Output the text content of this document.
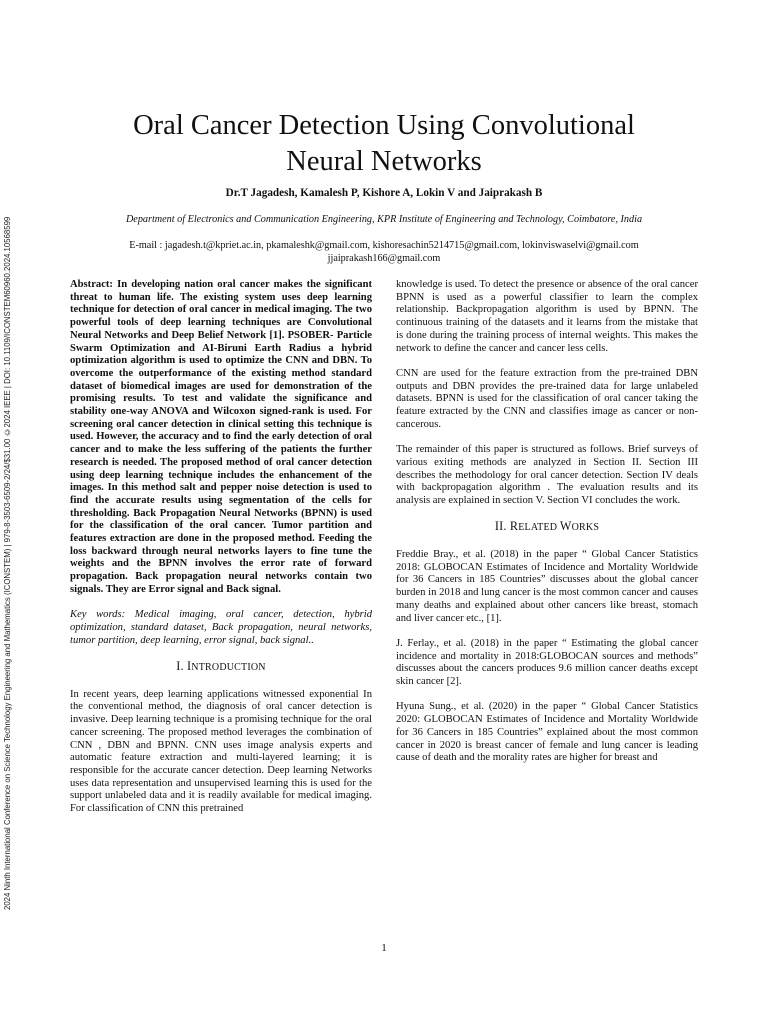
2024 Ninth International Conference on Science Technology Engineering and Mathematics (ICONSTEM) | 979-8-3503-6509-2/24/$31.00 ©2024 IEEE | DOI: 10.1109/ICONSTEM60960.2024.10568599
Oral Cancer Detection Using Convolutional
Neural Networks
Dr.T Jagadesh, Kamalesh P, Kishore A, Lokin V and Jaiprakash B
Department of Electronics and Communication Engineering, KPR Institute of Engineering and Technology, Coimbatore, India
E-mail : jagadesh.t@kpriet.ac.in, pkamaleshk@gmail.com, kishoresachin5214715@gmail.com, lokinviswaselvi@gmail.com
jjaiprakash166@gmail.com

Abstract: In developing nation oral cancer makes the significant threat to human life. The existing system uses deep learning technique for detection of oral cancer in medical imaging. The two powerful tools of deep learning techniques are Convolutional Neural Networks and Deep Belief Network [1]. PSOBER- Particle Swarm Optimization and AI-Biruni Earth Radius a hybrid optimization algorithm is used to optimize the CNN and DBN. To overcome the outperformance of the existing method standard dataset of biomedical images are used for demonstration of the promising results. To test and validate the significance and stability one-way ANOVA and Wilcoxon signed-rank is used. For screening oral cancer detection in clinical setting this technique is used. However, the accuracy and to find the early detection of oral cancer and to make the less suffering of the patients the further research is needed. The proposed method of oral cancer detection using deep learning technique includes the enhancement of the images. In this method salt and pepper noise detection is used to find the accurate results using segmentation of the cells for thresholding. Back Propagation Neural Networks (BPNN) is used for the classification of the oral cancer. Tumor partition and features extraction are done in the proposed method. Feeding the loss backward through neural networks layers to fine tune the weights and the BPNN involves the error rate of forward propagation. Back propagation neural networks contain two signals. They are Error signal and Back signal.

Key words: Medical imaging, oral cancer, detection, hybrid optimization, standard dataset, Back propagation, neural networks, tumor partition, deep learning, error signal, back signal..

I. INTRODUCTION

In recent years, deep learning applications witnessed exponential In the conventional method, the diagnosis of oral cancer detection is invasive. Deep learning technique is a promising technique for the oral cancer screening. The proposed method leverages the combination of CNN , DBN and BPNN. CNN uses image analysis experts and automatic feature extraction and multi-layered learning; it is responsible for the accurate cancer detection. Deep learning Networks uses data representation and unsupervised learning this is used for the support unlabeled data and it is readily available for medical imaging. For classification of CNN this pretrained

knowledge is used. To detect the presence or absence of the oral cancer BPNN is used as a powerful classifier to learn the complex relationship. Backpropagation algorithm is used by BPNN. The continuous training of the datasets and it learns from the mistake that is done during the training process of internal weights. This makes the network to define the cancer and cancer less cells.

CNN are used for the feature extraction from the pre-trained DBN outputs and DBN provides the pre-trained data for large unlabeled datasets. BPNN is used for the classification of oral cancer taking the feature extracted by the CNN and classifies image as cancer or non-cancerous.

The remainder of this paper is structured as follows. Brief surveys of various exiting methods are analyzed in Section II. Section III describes the methodology for oral cancer detection. Section IV deals with backpropagation algorithm . The evaluation results and its analysis are explained in section V. Section VI concludes the work.

II. RELATED WORKS

Freddie Bray., et al. (2018) in the paper “ Global Cancer Statistics 2018: GLOBOCAN Estimates of Incidence and Mortality Worldwide for 36 Cancers in 185 Countries” discusses about the global cancer burden in 2018 and lung cancer is the most common cancer and causes many deaths and explained about other cancers like breast, stomach and liver cancer etc., [1].

J. Ferlay., et al. (2018) in the paper “ Estimating the global cancer incidence and mortality in 2018:GLOBOCAN sources and methods” discusses about the cancers produces 9.6 million cancer deaths except skin cancer [2].

Hyuna Sung., et al. (2020) in the paper “ Global Cancer Statistics 2020: GLOBOCAN Estimates of Incidence and Mortality Worldwide for 36 Cancers in 185 Countries” explained about the most common cancer in 2020 is breast cancer of female and lung cancer is leading cause of death and the morality rates are higher for breast and

1
